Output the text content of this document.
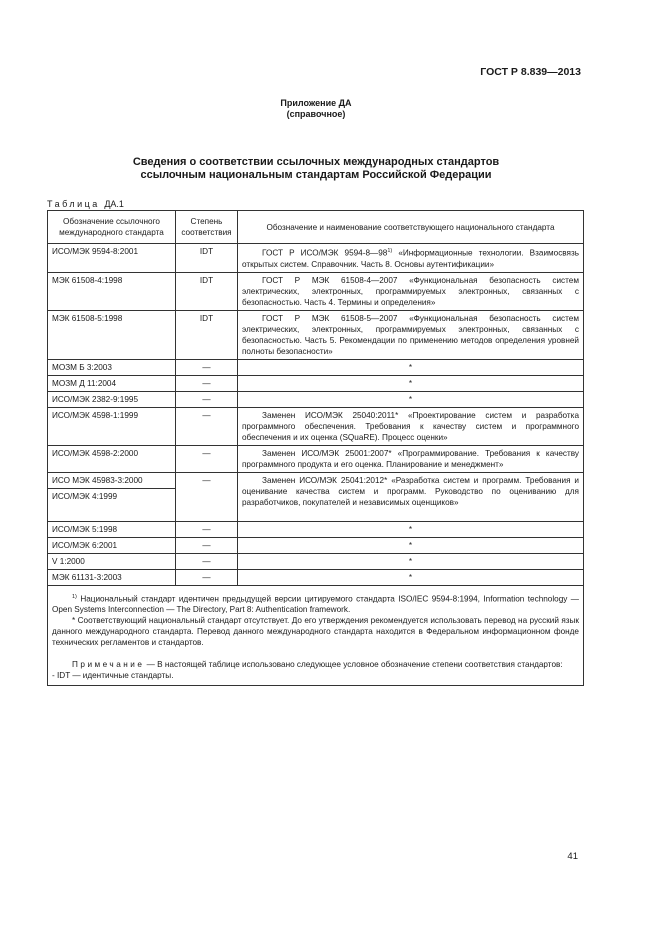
ГОСТ Р 8.839—2013
Приложение ДА
(справочное)
Сведения о соответствии ссылочных международных стандартов
ссылочным национальным стандартам Российской Федерации
Таблица ДА.1
Обозначение ссылочного международного стандарта	Степень соответствия	Обозначение и наименование соответствующего национального стандарта
ИСО/МЭК 9594-8:2001	IDT	ГОСТ Р ИСО/МЭК 9594-8—98$^{1)}$ «Информационные технологии. Взаимосвязь открытых систем. Справочник. Часть 8. Основы аутентификации»
МЭК 61508-4:1998	IDT	ГОСТ Р МЭК 61508-4—2007 «Функциональная безопасность систем электрических, электронных, программируемых электронных, связанных с безопасностью. Часть 4. Термины и определения»
МЭК 61508-5:1998	IDT	ГОСТ Р МЭК 61508-5—2007 «Функциональная безопасность систем электрических, электронных, программируемых электронных, связанных с безопасностью. Часть 5. Рекомендации по применению методов определения уровней полноты безопасности»
МОЗМ Б 3:2003	—	*
МОЗМ Д 11:2004	—	*
ИСО/МЭК 2382-9:1995	—	*
ИСО/МЭК 4598-1:1999	—	Заменен ИСО/МЭК 25040:2011* «Проектирование систем и разработка программного обеспечения. Требования к качеству систем и программного обеспечения и их оценка (SQuaRE). Процесс оценки»
ИСО/МЭК 4598-2:2000	—	Заменен ИСО/МЭК 25001:2007* «Программирование. Требования к качеству программного продукта и его оценка. Планирование и менеджмент»
ИСО МЭК 45983-3:2000	—	Заменен ИСО/МЭК 25041:2012* «Разработка систем и программ. Требования и оценивание качества систем и программ. Руководство по оцениванию для разработчиков, покупателей и независимых оценщиков»
ИСО/МЭК 4:1999		
ИСО/МЭК 5:1998	—	*
ИСО/МЭК 6:2001	—	*
V 1:2000	—	*
МЭК 61131-3:2003	—	*

$^{1)}$ Национальный стандарт идентичен предыдущей версии цитируемого стандарта ISO/IEC 9594-8:1994, Information technology — Open Systems Interconnection — The Directory, Part 8: Authentication framework.

* Соответствующий национальный стандарт отсутствует. До его утверждения рекомендуется использовать перевод на русский язык данного международного стандарта. Перевод данного международного стандарта находится в Федеральном информационном фонде технических регламентов и стандартов.

Примечание — В настоящей таблице использовано следующее условное обозначение степени соответствия стандартов:

- IDT — идентичные стандарты.		

41
